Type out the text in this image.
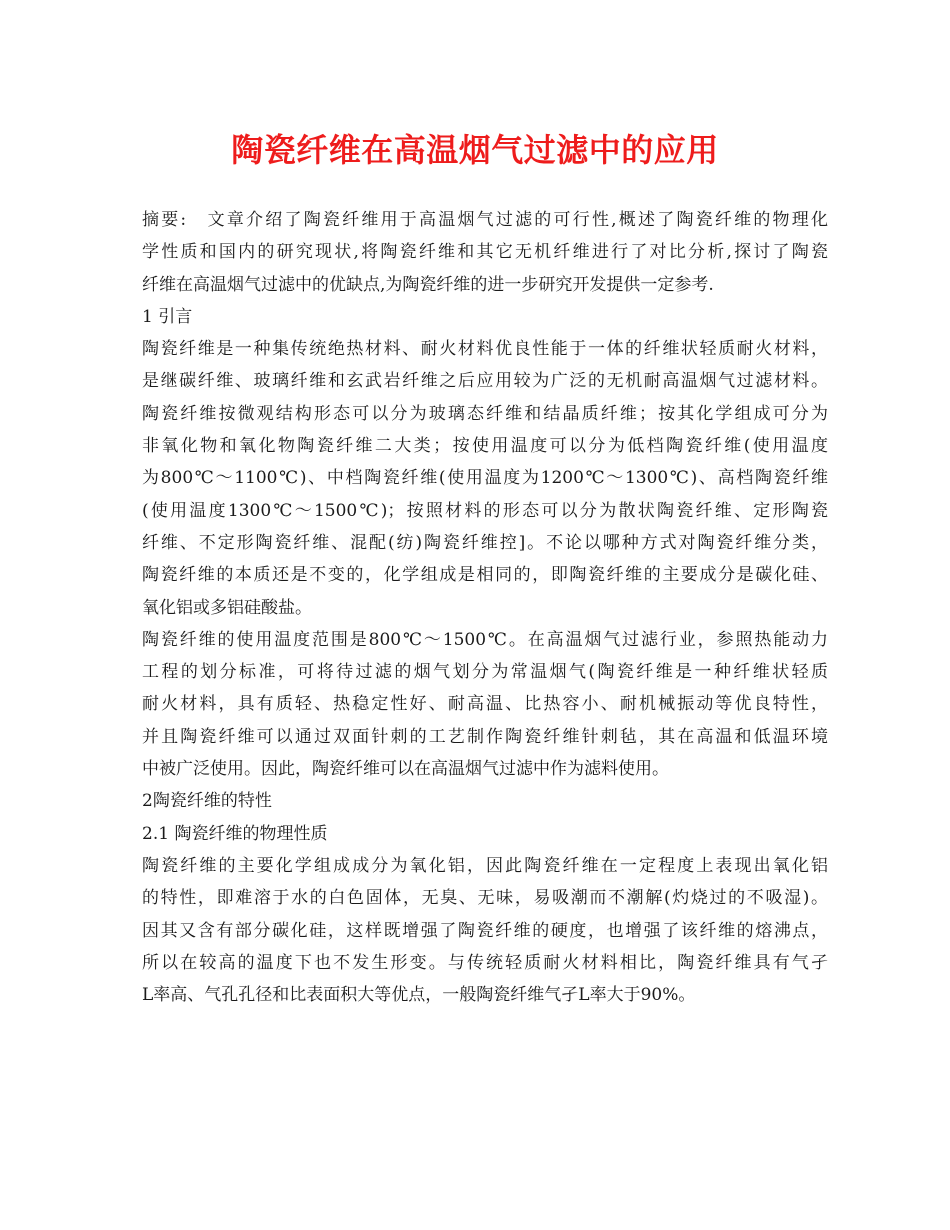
陶瓷纤维在高温烟气过滤中的应用
摘要:　文章介绍了陶瓷纤维用于高温烟气过滤的可行性,概述了陶瓷纤维的物理化
学性质和国内的研究现状,将陶瓷纤维和其它无机纤维进行了对比分析,探讨了陶瓷
纤维在高温烟气过滤中的优缺点,为陶瓷纤维的进一步研究开发提供一定参考.
1 引言
陶瓷纤维是一种集传统绝热材料、耐火材料优良性能于一体的纤维状轻质耐火材料，
是继碳纤维、玻璃纤维和玄武岩纤维之后应用较为广泛的无机耐高温烟气过滤材料。
陶瓷纤维按微观结构形态可以分为玻璃态纤维和结晶质纤维；按其化学组成可分为
非氧化物和氧化物陶瓷纤维二大类；按使用温度可以分为低档陶瓷纤维(使用温度
为800℃～1100℃)、中档陶瓷纤维(使用温度为1200℃～1300℃)、高档陶瓷纤维
(使用温度1300℃～1500℃)；按照材料的形态可以分为散状陶瓷纤维、定形陶瓷
纤维、不定形陶瓷纤维、混配(纺)陶瓷纤维控]。不论以哪种方式对陶瓷纤维分类，
陶瓷纤维的本质还是不变的，化学组成是相同的，即陶瓷纤维的主要成分是碳化硅、
氧化铝或多铝硅酸盐。
陶瓷纤维的使用温度范围是800℃～1500℃。在高温烟气过滤行业，参照热能动力
工程的划分标准，可将待过滤的烟气划分为常温烟气(陶瓷纤维是一种纤维状轻质
耐火材料，具有质轻、热稳定性好、耐高温、比热容小、耐机械振动等优良特性，
并且陶瓷纤维可以通过双面针刺的工艺制作陶瓷纤维针刺毡，其在高温和低温环境
中被广泛使用。因此，陶瓷纤维可以在高温烟气过滤中作为滤料使用。
2陶瓷纤维的特性
2.1 陶瓷纤维的物理性质
陶瓷纤维的主要化学组成成分为氧化铝，因此陶瓷纤维在一定程度上表现出氧化铝
的特性，即难溶于水的白色固体，无臭、无味，易吸潮而不潮解(灼烧过的不吸湿)。
因其又含有部分碳化硅，这样既增强了陶瓷纤维的硬度，也增强了该纤维的熔沸点，
所以在较高的温度下也不发生形变。与传统轻质耐火材料相比，陶瓷纤维具有气孑
L率高、气孔孔径和比表面积大等优点，一般陶瓷纤维气孑L率大于90%。
